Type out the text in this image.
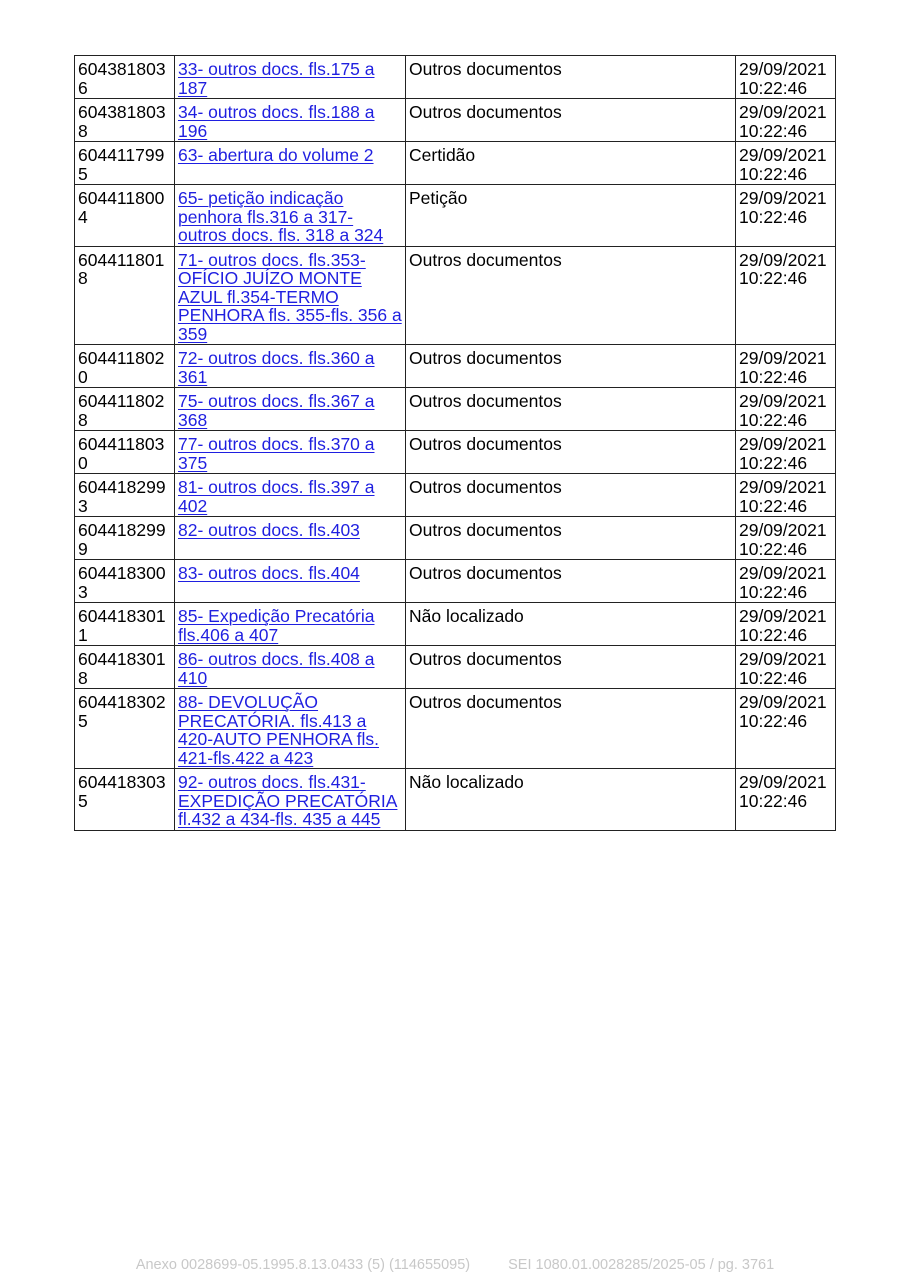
6043818036	33- outros docs. fls.175 a 187	Outros documentos	29/09/2021 10:22:46
6043818038	34- outros docs. fls.188 a 196	Outros documentos	29/09/2021 10:22:46
6044117995	63- abertura do volume 2	Certidão	29/09/2021 10:22:46
6044118004	65- petição indicação penhora fls.316 a 317- outros docs. fls. 318 a 324	Petição	29/09/2021 10:22:46
6044118018	71- outros docs. fls.353- OFÍCIO JUÍZO MONTE AZUL fl.354-TERMO PENHORA fls. 355-fls. 356 a 359	Outros documentos	29/09/2021 10:22:46
6044118020	72- outros docs. fls.360 a 361	Outros documentos	29/09/2021 10:22:46
6044118028	75- outros docs. fls.367 a 368	Outros documentos	29/09/2021 10:22:46
6044118030	77- outros docs. fls.370 a 375	Outros documentos	29/09/2021 10:22:46
6044182993	81- outros docs. fls.397 a 402	Outros documentos	29/09/2021 10:22:46
6044182999	82- outros docs. fls.403	Outros documentos	29/09/2021 10:22:46
6044183003	83- outros docs. fls.404	Outros documentos	29/09/2021 10:22:46
6044183011	85- Expedição Precatória fls.406 a 407	Não localizado	29/09/2021 10:22:46
6044183018	86- outros docs. fls.408 a 410	Outros documentos	29/09/2021 10:22:46
6044183025	88- DEVOLUÇÃO PRECATÓRIA. fls.413 a 420-AUTO PENHORA fls. 421-fls.422 a 423	Outros documentos	29/09/2021 10:22:46
6044183035	92- outros docs. fls.431- EXPEDIÇÃO PRECATÓRIA fl.432 a 434-fls. 435 a 445	Não localizado	29/09/2021 10:22:46
Anexo 0028699-05.1995.8.13.0433 (5) (114655095)	SEI 1080.01.0028285/2025-05 / pg. 3761
